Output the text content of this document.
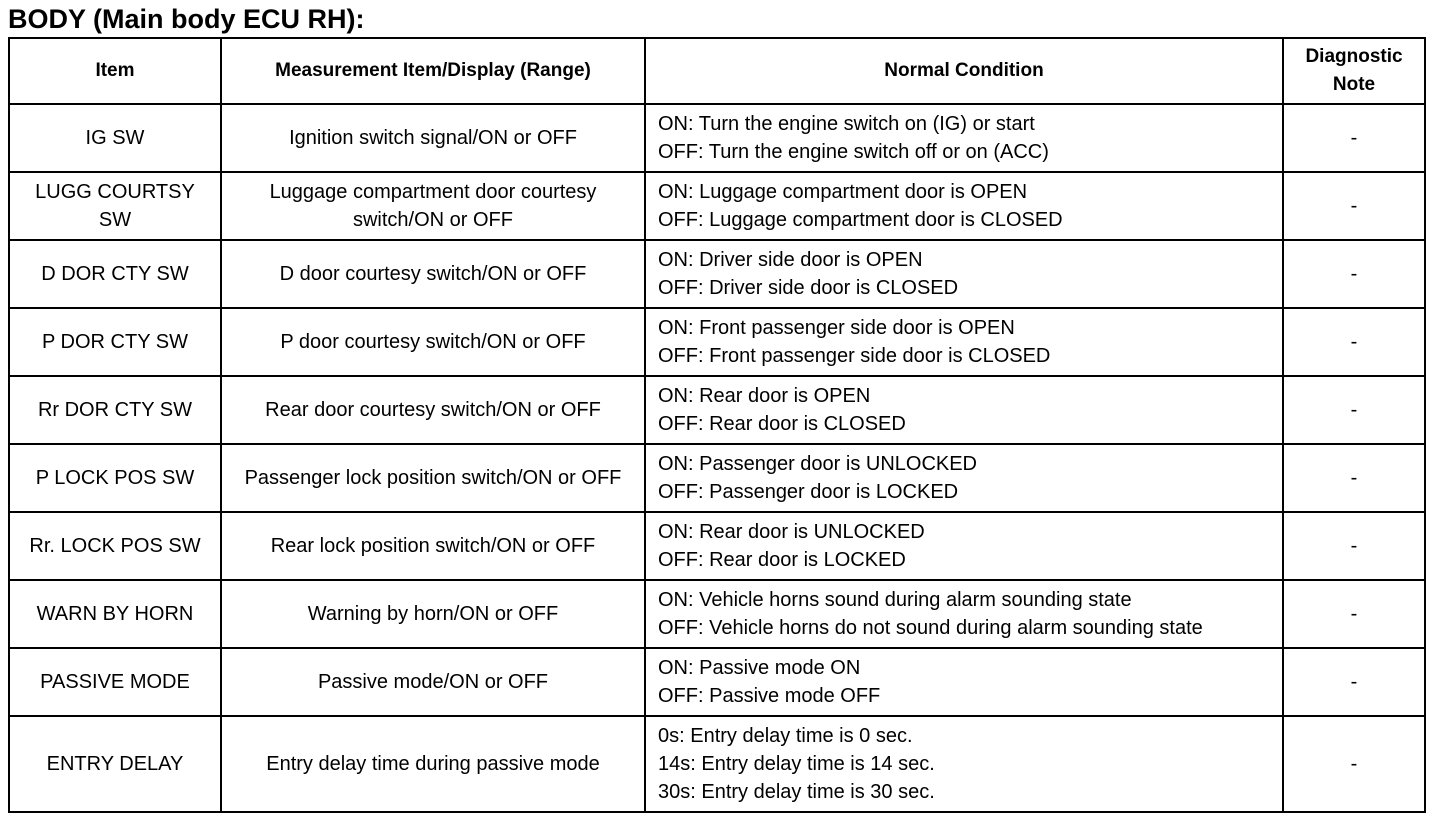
BODY (Main body ECU RH):
Item	Measurement Item/Display (Range)	Normal Condition	Diagnostic Note
IG SW	Ignition switch signal/ON or OFF	ON: Turn the engine switch on (IG) or start
OFF: Turn the engine switch off or on (ACC)	-
LUGG COURTSY SW	Luggage compartment door courtesy switch/ON or OFF	ON: Luggage compartment door is OPEN
OFF: Luggage compartment door is CLOSED	-
D DOR CTY SW	D door courtesy switch/ON or OFF	ON: Driver side door is OPEN
OFF: Driver side door is CLOSED	-
P DOR CTY SW	P door courtesy switch/ON or OFF	ON: Front passenger side door is OPEN
OFF: Front passenger side door is CLOSED	-
Rr DOR CTY SW	Rear door courtesy switch/ON or OFF	ON: Rear door is OPEN
OFF: Rear door is CLOSED	-
P LOCK POS SW	Passenger lock position switch/ON or OFF	ON: Passenger door is UNLOCKED
OFF: Passenger door is LOCKED	-
Rr. LOCK POS SW	Rear lock position switch/ON or OFF	ON: Rear door is UNLOCKED
OFF: Rear door is LOCKED	-
WARN BY HORN	Warning by horn/ON or OFF	ON: Vehicle horns sound during alarm sounding state
OFF: Vehicle horns do not sound during alarm sounding state	-
PASSIVE MODE	Passive mode/ON or OFF	ON: Passive mode ON
OFF: Passive mode OFF	-
ENTRY DELAY	Entry delay time during passive mode	0s: Entry delay time is 0 sec.
14s: Entry delay time is 14 sec.
30s: Entry delay time is 30 sec.	-
